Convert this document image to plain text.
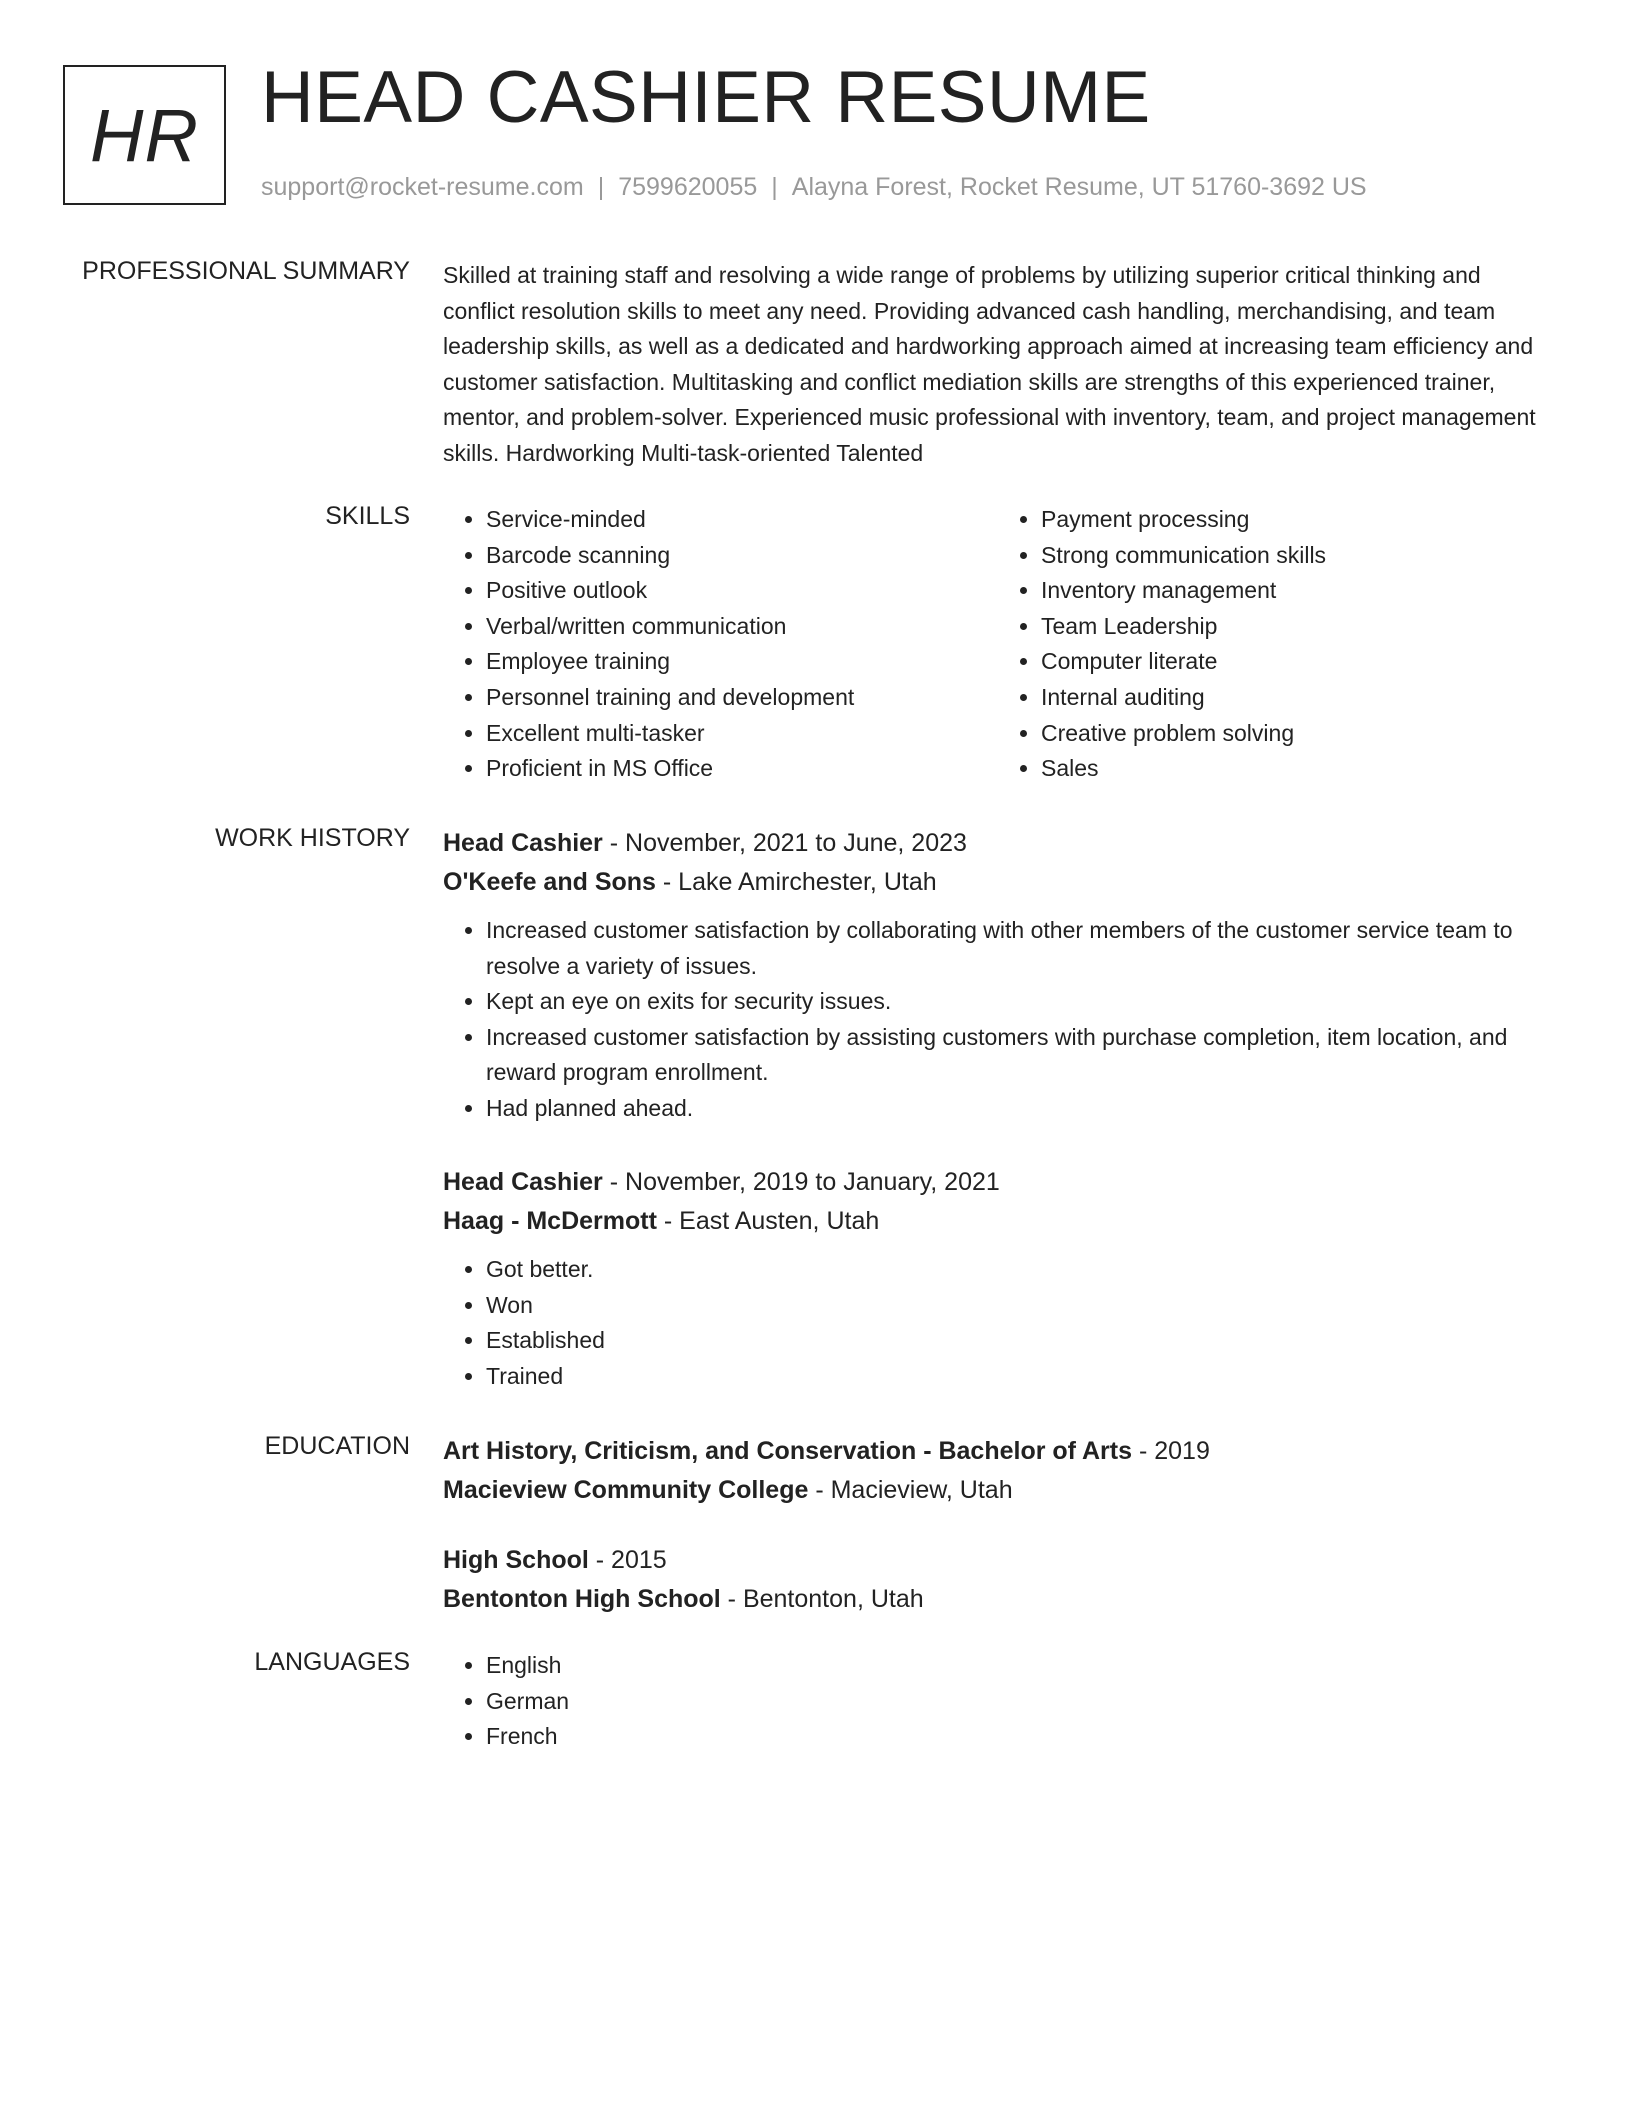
HR HEAD CASHIER RESUME
support@rocket-resume.com | 7599620055 | Alayna Forest, Rocket Resume, UT 51760-3692 US
PROFESSIONAL SUMMARY Skilled at training staff and resolving a wide range of problems by utilizing superior critical thinking and conflict resolution skills to meet any need. Providing advanced cash handling, merchandising, and team leadership skills, as well as a dedicated and hardworking approach aimed at increasing team efficiency and customer satisfaction. Multitasking and conflict mediation skills are strengths of this experienced trainer, mentor, and problem-solver. Experienced music professional with inventory, team, and project management skills. Hardworking Multi-task-oriented Talented

SKILLS	• Service-minded
• Barcode scanning
• Positive outlook
• Verbal/written communication
• Employee training
• Personnel training and development
• Excellent multi-tasker
• Proficient in MS Office
• Payment processing
• Strong communication skills
• Inventory management
• Team Leadership
• Computer literate
• Internal auditing
• Creative problem solving
• Sales
WORK HISTORY Head Cashier - November, 2021 to June, 2023
O'Keefe and Sons - Lake Amirchester, Utah
• Increased customer satisfaction by collaborating with other members of the customer service team to resolve a variety of issues.
• Kept an eye on exits for security issues.
• Increased customer satisfaction by assisting customers with purchase completion, item location, and reward program enrollment.
• Had planned ahead.
Head Cashier - November, 2019 to January, 2021
Haag - McDermott - East Austen, Utah
• Got better.
• Won
• Established
• Trained
EDUCATION Art History, Criticism, and Conservation - Bachelor of Arts - 2019
Macieview Community College - Macieview, Utah
High School - 2015
Bentonton High School - Bentonton, Utah
LANGUAGES	• English
• German
• French
